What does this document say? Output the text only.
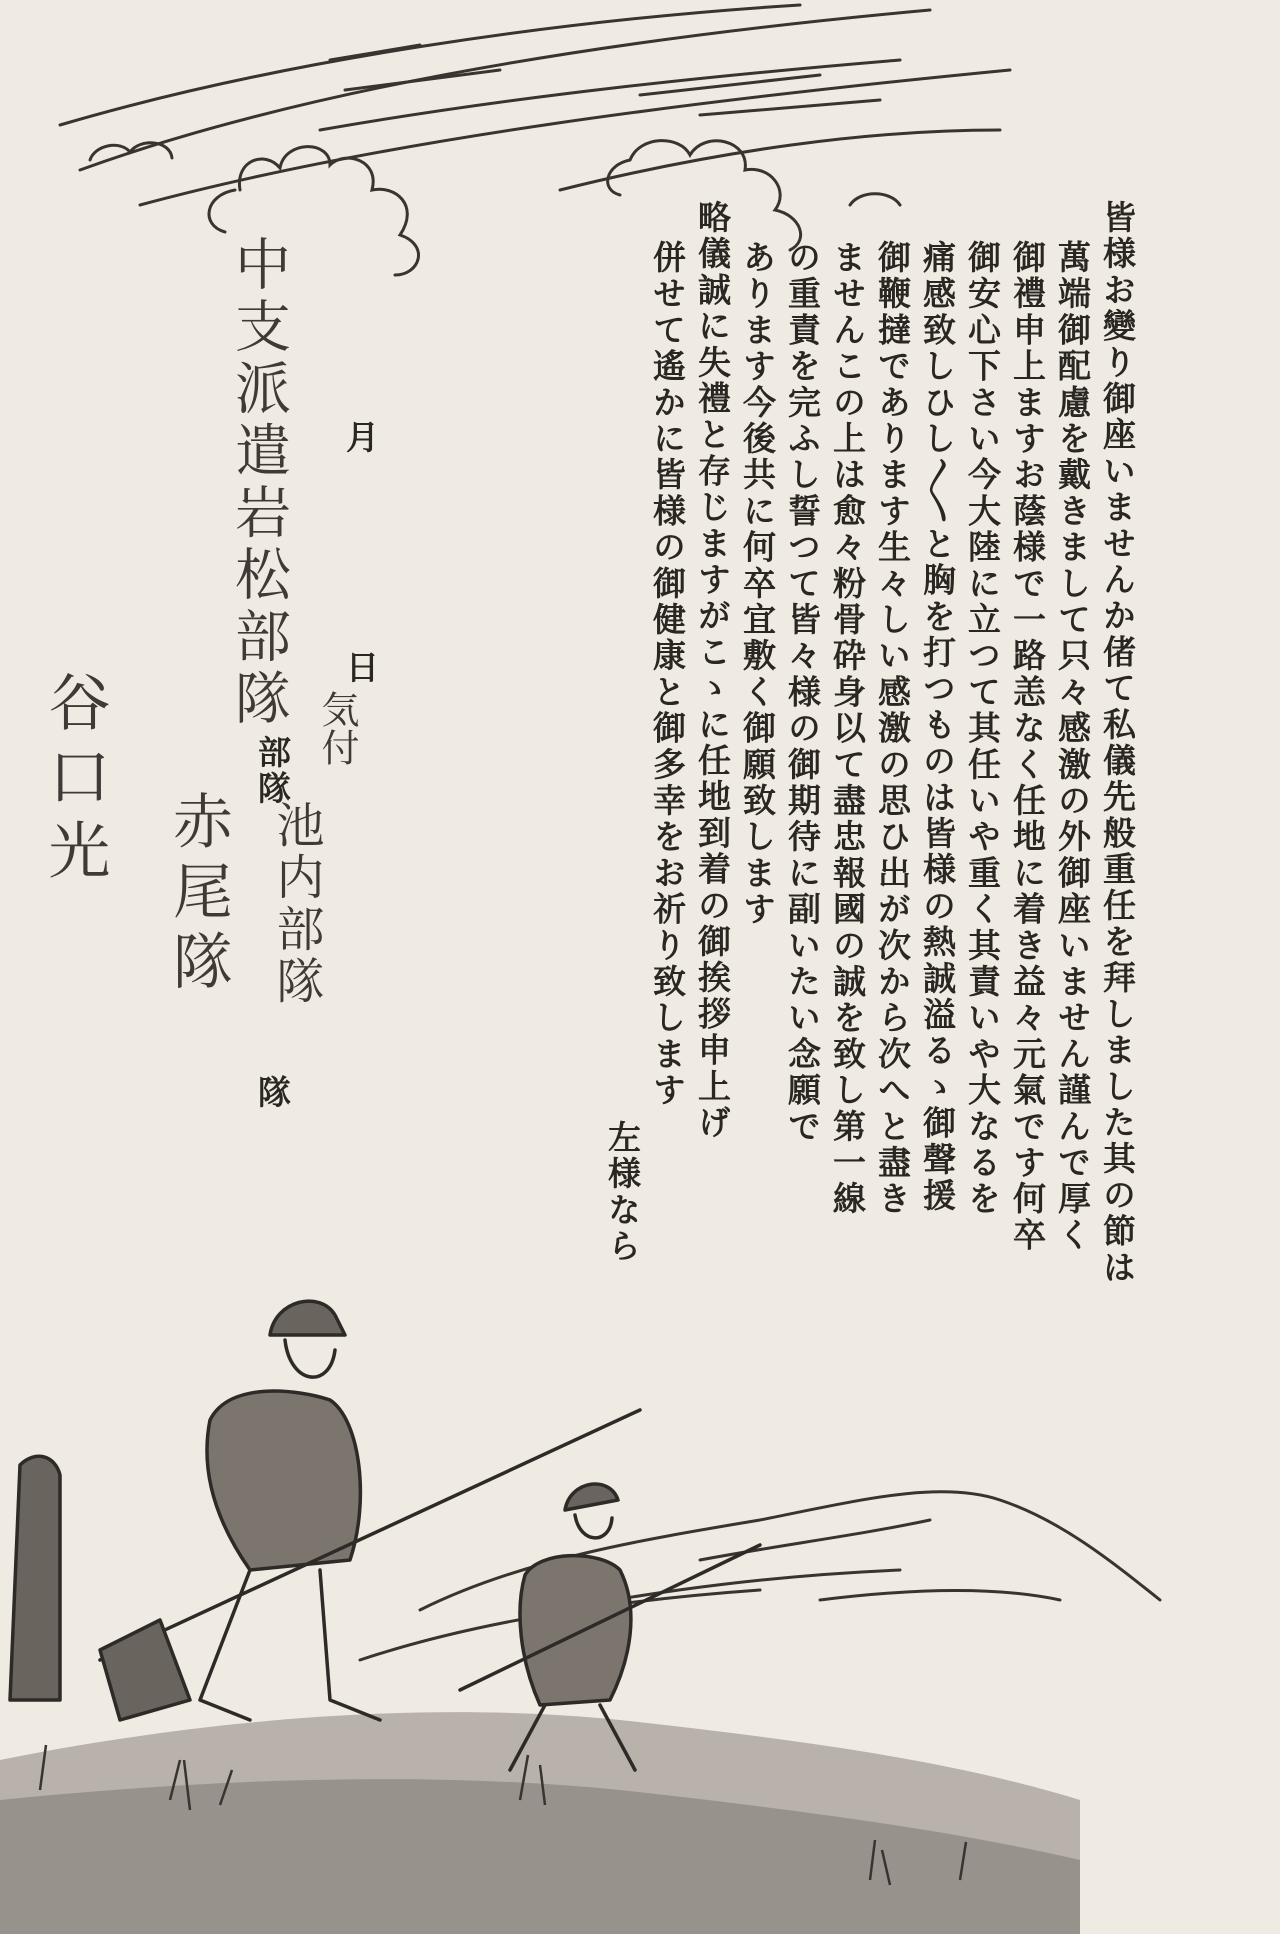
皆様お變り御座いませんか偖て私儀先般重任を拜しました其の節は
萬端御配慮を戴きまして只々感激の外御座いません謹んで厚く
御禮申上ますお蔭様で一路恙なく任地に着き益々元氣です何卒
御安心下さい今大陸に立つて其任いや重く其責いや大なるを
痛感致しひし〳〵と胸を打つものは皆様の熱誠溢るゝ御聲援
御鞭撻であります生々しい感激の思ひ出が次から次へと盡き
ませんこの上は愈々粉骨砕身以て盡忠報國の誠を致し第一線
の重責を完ふし誓つて皆々様の御期待に副いたい念願で
あります今後共に何卒宜敷く御願致します
略儀誠に失禮と存じますがこゝに任地到着の御挨拶申上げ
併せて遙かに皆様の御健康と御多幸をお祈り致します
左様なら
月
日
部隊
隊
中支派遣岩松部隊 気付
池内部隊
赤尾隊
谷口光
